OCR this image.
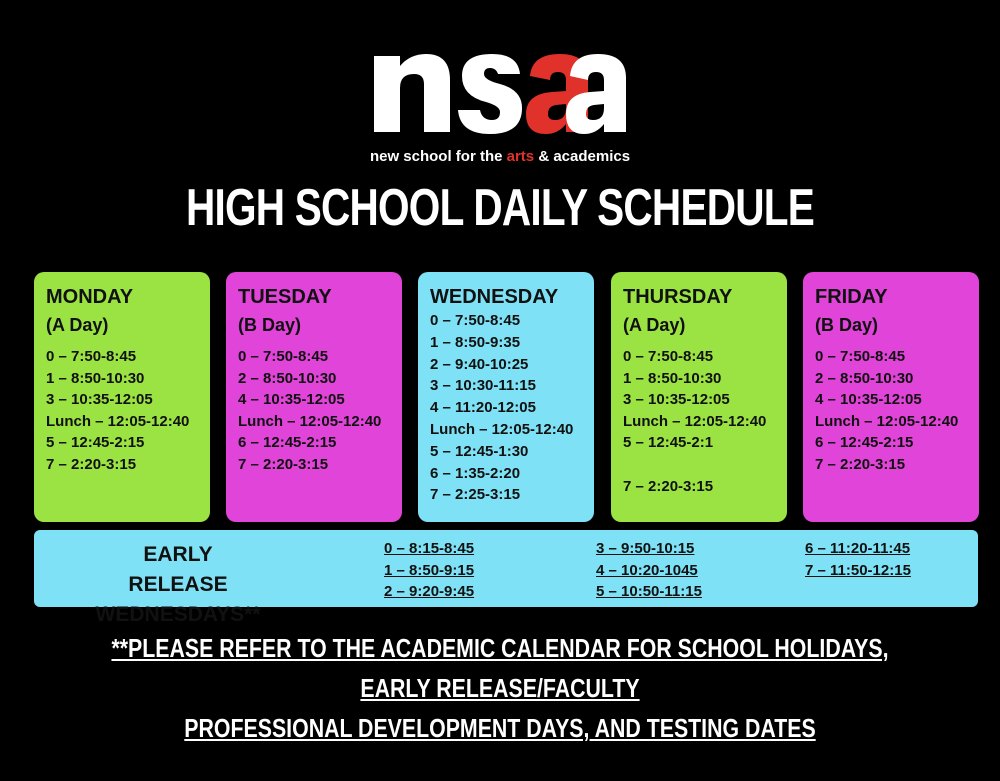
new school for the arts & academics
HIGH SCHOOL DAILY SCHEDULE
MONDAY
(A Day)
0 – 7:50-8:45
1 – 8:50-10:30
3 – 10:35-12:05
Lunch – 12:05-12:40
5 – 12:45-2:15
7 – 2:20-3:15
TUESDAY
(B Day)
0 – 7:50-8:45
2 – 8:50-10:30
4 – 10:35-12:05
Lunch – 12:05-12:40
6 – 12:45-2:15
7 – 2:20-3:15
WEDNESDAY
0 – 7:50-8:45
1 – 8:50-9:35
2 – 9:40-10:25
3 – 10:30-11:15
4 – 11:20-12:05
Lunch – 12:05-12:40
5 – 12:45-1:30
6 – 1:35-2:20
7 – 2:25-3:15
THURSDAY
(A Day)
0 – 7:50-8:45
1 – 8:50-10:30
3 – 10:35-12:05
Lunch – 12:05-12:40
5 – 12:45-2:1
7 – 2:20-3:15
FRIDAY
(B Day)
0 – 7:50-8:45
2 – 8:50-10:30
4 – 10:35-12:05
Lunch – 12:05-12:40
6 – 12:45-2:15
7 – 2:20-3:15
EARLY RELEASE
WEDNESDAYS**
0 – 8:15-8:45
1 – 8:50-9:15
2 – 9:20-9:45
3 – 9:50-10:15
4 – 10:20-1045
5 – 10:50-11:15
6 – 11:20-11:45
7 – 11:50-12:15
**PLEASE REFER TO THE ACADEMIC CALENDAR FOR SCHOOL HOLIDAYS, EARLY RELEASE/FACULTY
PROFESSIONAL DEVELOPMENT DAYS, AND TESTING DATES
